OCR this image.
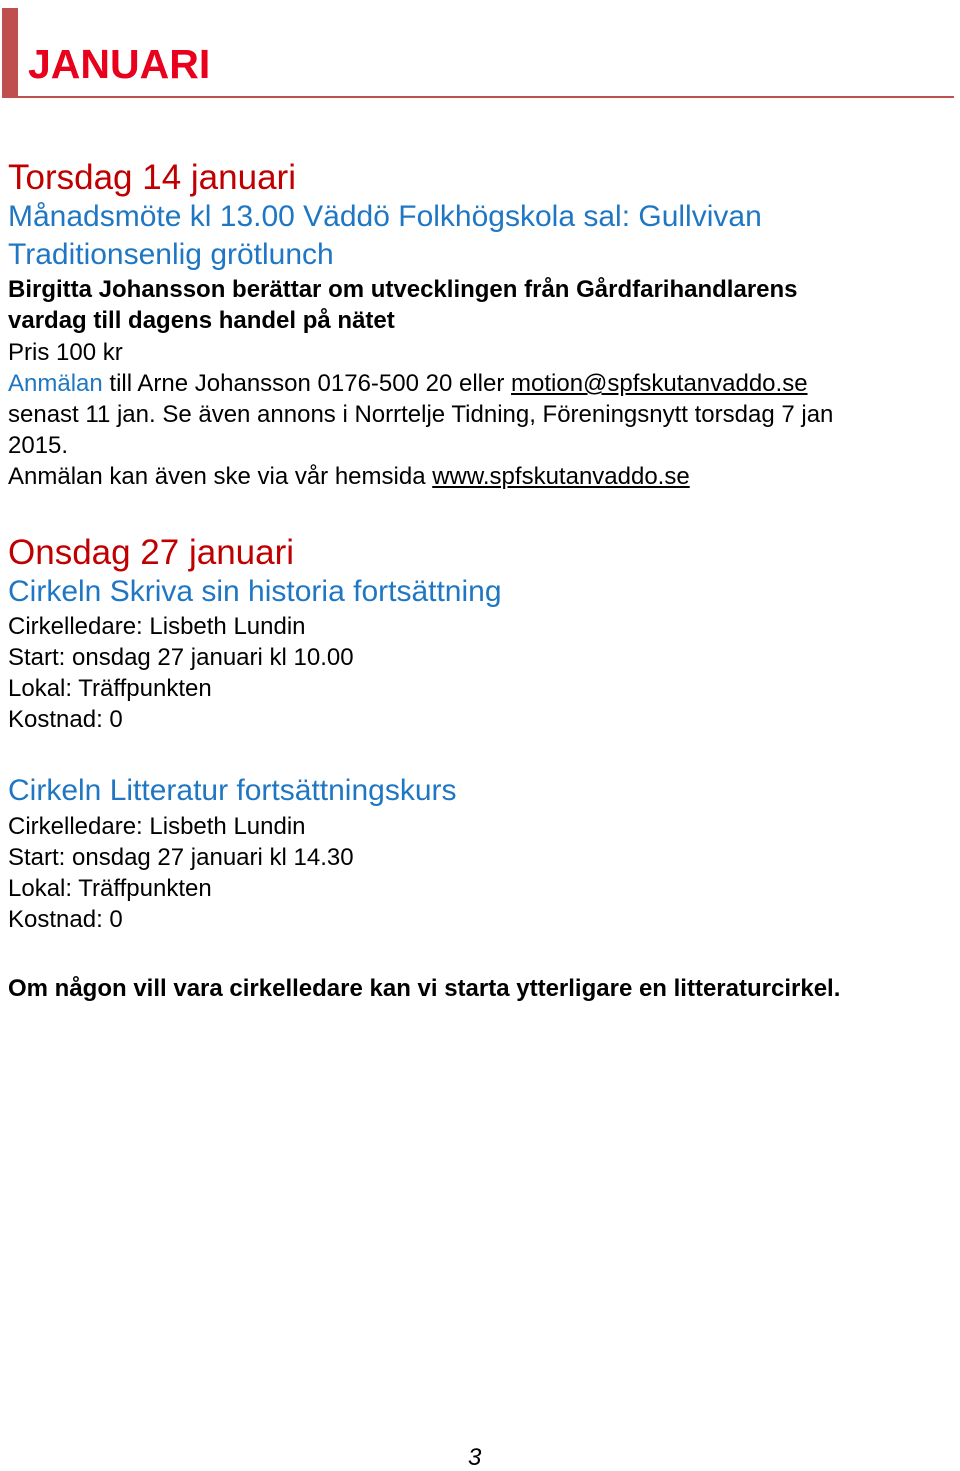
JANUARI
Torsdag 14 januari
Månadsmöte kl 13.00 Väddö Folkhögskola sal: Gullvivan
Traditionsenlig grötlunch
Birgitta Johansson berättar om utvecklingen från Gårdfarihandlarens
vardag till dagens handel på nätet
Pris 100 kr
Anmälan till Arne Johansson 0176-500 20 eller motion@spfskutanvaddo.se
senast 11 jan. Se även annons i Norrtelje Tidning, Föreningsnytt torsdag 7 jan
2015.
Anmälan kan även ske via vår hemsida www.spfskutanvaddo.se
Onsdag 27 januari
Cirkeln Skriva sin historia fortsättning
Cirkelledare: Lisbeth Lundin
Start: onsdag 27 januari kl 10.00
Lokal: Träffpunkten
Kostnad: 0
Cirkeln Litteratur fortsättningskurs
Cirkelledare: Lisbeth Lundin
Start: onsdag 27 januari kl 14.30
Lokal: Träffpunkten
Kostnad: 0
Om någon vill vara cirkelledare kan vi starta ytterligare en litteraturcirkel.
3
